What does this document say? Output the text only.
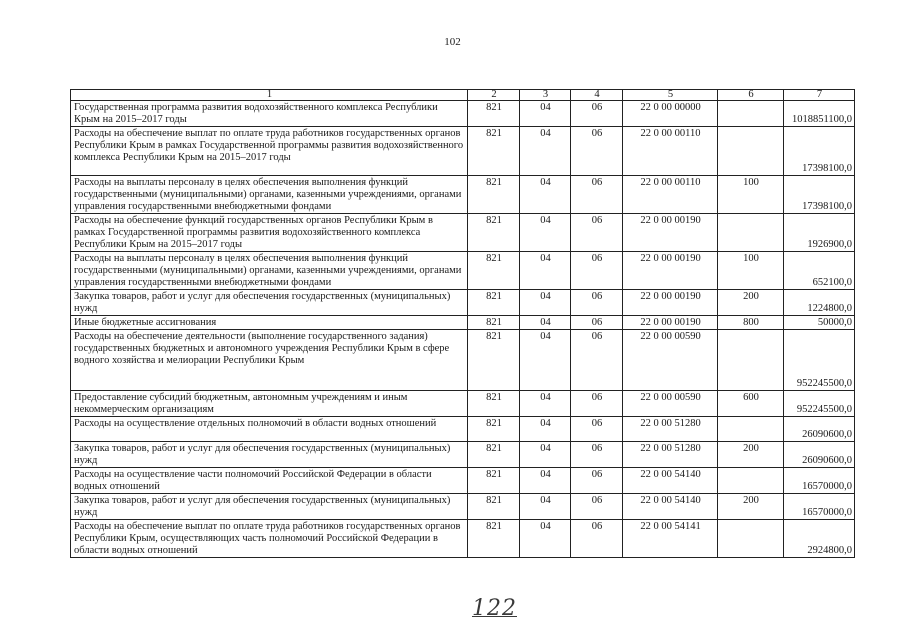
102
1	2	3	4	5	6	7
Государственная программа развития водохозяйственного комплекса Республики Крым на 2015–2017 годы	821	04	06	22 0 00 00000		1018851100,0
Расходы на обеспечение выплат по оплате труда работников государственных органов Республики Крым в рамках Государственной программы развития водохозяйственного комплекса Республики Крым на 2015–2017 годы	821	04	06	22 0 00 00110		17398100,0
Расходы на выплаты персоналу в целях обеспечения выполнения функций государственными (муниципальными) органами, казенными учреждениями, органами управления государственными внебюджетными фондами	821	04	06	22 0 00 00110	100	17398100,0
Расходы на обеспечение функций государственных органов Республики Крым в рамках Государственной программы развития водохозяйственного комплекса Республики Крым на 2015–2017 годы	821	04	06	22 0 00 00190		1926900,0
Расходы на выплаты персоналу в целях обеспечения выполнения функций государственными (муниципальными) органами, казенными учреждениями, органами управления государственными внебюджетными фондами	821	04	06	22 0 00 00190	100	652100,0
Закупка товаров, работ и услуг для обеспечения государственных (муниципальных) нужд	821	04	06	22 0 00 00190	200	1224800,0
Иные бюджетные ассигнования	821	04	06	22 0 00 00190	800	50000,0
Расходы на обеспечение деятельности (выполнение государственного задания) государственных бюджетных и автономного учреждения Республики Крым в сфере водного хозяйства и мелиорации Республики Крым	821	04	06	22 0 00 00590		952245500,0
Предоставление субсидий бюджетным, автономным учреждениям и иным некоммерческим организациям	821	04	06	22 0 00 00590	600	952245500,0
Расходы на осуществление отдельных полномочий в области водных отношений	821	04	06	22 0 00 51280		26090600,0
Закупка товаров, работ и услуг для обеспечения государственных (муниципальных) нужд	821	04	06	22 0 00 51280	200	26090600,0
Расходы на осуществление части полномочий Российской Федерации в области водных отношений	821	04	06	22 0 00 54140		16570000,0
Закупка товаров, работ и услуг для обеспечения государственных (муниципальных) нужд	821	04	06	22 0 00 54140	200	16570000,0
Расходы на обеспечение выплат по оплате труда работников государственных органов Республики Крым, осуществляющих часть полномочий Российской Федерации в области водных отношений	821	04	06	22 0 00 54141		2924800,0
122
